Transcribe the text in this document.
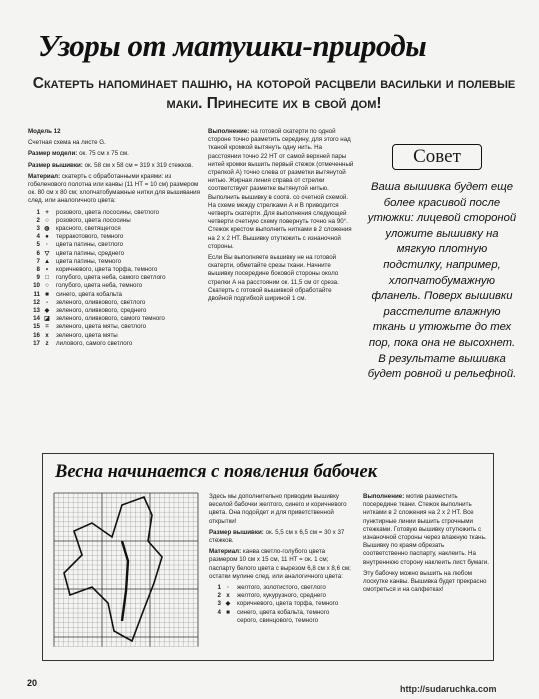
Узоры от матушки-природы
Скатерть напоминает пашню, на которой расцвели васильки и полевые маки. Принесите их в свой дом!

Модель 12

Счетная схема на листе G.

Размер модели: ок. 75 см х 75 см.

Размер вышивки: ок. 58 см х 58 см = 319 х 319 стежков.

Материал: скатерть с обработанными краями: из гобеленового полотна или канвы (11 НТ = 10 см) размером ок. 80 см х 80 см; хлопчатобумажные нитки для вышивания след. или аналогичного цвета:

1 +	розового, цвета лососины, светлого
2 ○	розового, цвета лососины
3 ◍	красного, светящегося
4 ●	терракотового, темного
5 ·	цвета патины, светлого
6 ▽	цвета патины, среднего
7 ▲ цвета патины, темного
8 •	коричневого, цвета торфа, темного
9 □	голубого, цвета неба, самого светлого
10 ○	голубого, цвета неба, темного
11 ■	синего, цвета кобальта
12 -	зеленого, оливкового, светлого
13 ◆	зеленого, оливкового, среднего
14 ◪ зеленого, оливкового, самого темного
15 =	зеленого, цвета мяты, светлого
16 x	зеленого, цвета мяты
17 z	лилового, самого светлого

Выполнение: на готовой скатерти по одной стороне точно разметить середину, для этого над тканой кромкой вытянуть одну нить. На расстоянии точно 22 НТ от самой верхней пары нитей кромки вышить первый стежок (отмеченный стрелкой А) точно слева от разметки вытянутой нитью. Жирная линия справа от стрелки соответствует разметке вытянутой нитью. Выполнить вышивку в соотв. со счетной схемой. На схеме между стрелками А и В приводится четверть скатерти. Для выполнения следующей четверти счетную схему повернуть точно на 90°. Стежок крестом выполнить нитками в 2 сложения на 2 х 2 НТ. Вышивку отутюжить с изнаночной стороны.

Если Вы выполняете вышивку не на готовой скатерти, обметайте срезы ткани. Начните вышивку посередине боковой стороны около стрелки А на расстоянии ок. 11,5 см от среза. Скатерть с готовой вышивкой обработайте двойной подгибкой шириной 1 см.

Совет
Ваша вышивка будет еще более красивой после утюжки: лицевой стороной уложите вышивку на мягкую плотную подстилку, например, хлопчатобумажную фланель. Поверх вышивки расстелите влажную ткань и утюжьте до тех пор, пока она не высохнет. В результате вышивка будет ровной и рельефной.
Весна начинается с появления бабочек

Здесь мы дополнительно приводим вышивку веселой бабочки желтого, синего и коричневого цвета. Она подойдет и для приветственной открытки!

Размер вышивки: ок. 5,5 см х 6,5 см = 30 х 37 стежков.

Материал: канва светло-голубого цвета размером 10 см х 15 см, 11 НТ = ок. 1 см; паспарту белого цвета с вырезом 6,8 см х 8,6 см; остатки мулине след. или аналогичного цвета:

1 ·	желтого, золотистого, светлого
2 x	желтого, кукурузного, среднего
3 ◆	коричневого, цвета торфа, темного
4 ■	синего, цвета кобальта, темного
серого, свинцового, темного

Выполнение: мотив разместить посередине ткани. Стежок выполнить нитками в 2 сложения на 2 х 2 НТ. Все пунктирные линии вышить строчными стежками. Готовую вышивку отутюжить с изнаночной стороны через влажную ткань. Вышивку по краям обрезать соответственно паспарту, наклеить. На внутреннюю сторону наклеить лист бумаги.

Эту бабочку можно вышить на любом лоскутке канвы. Вышивка будет прекрасно смотреться и на салфетках!

20
http://sudaruchka.com
